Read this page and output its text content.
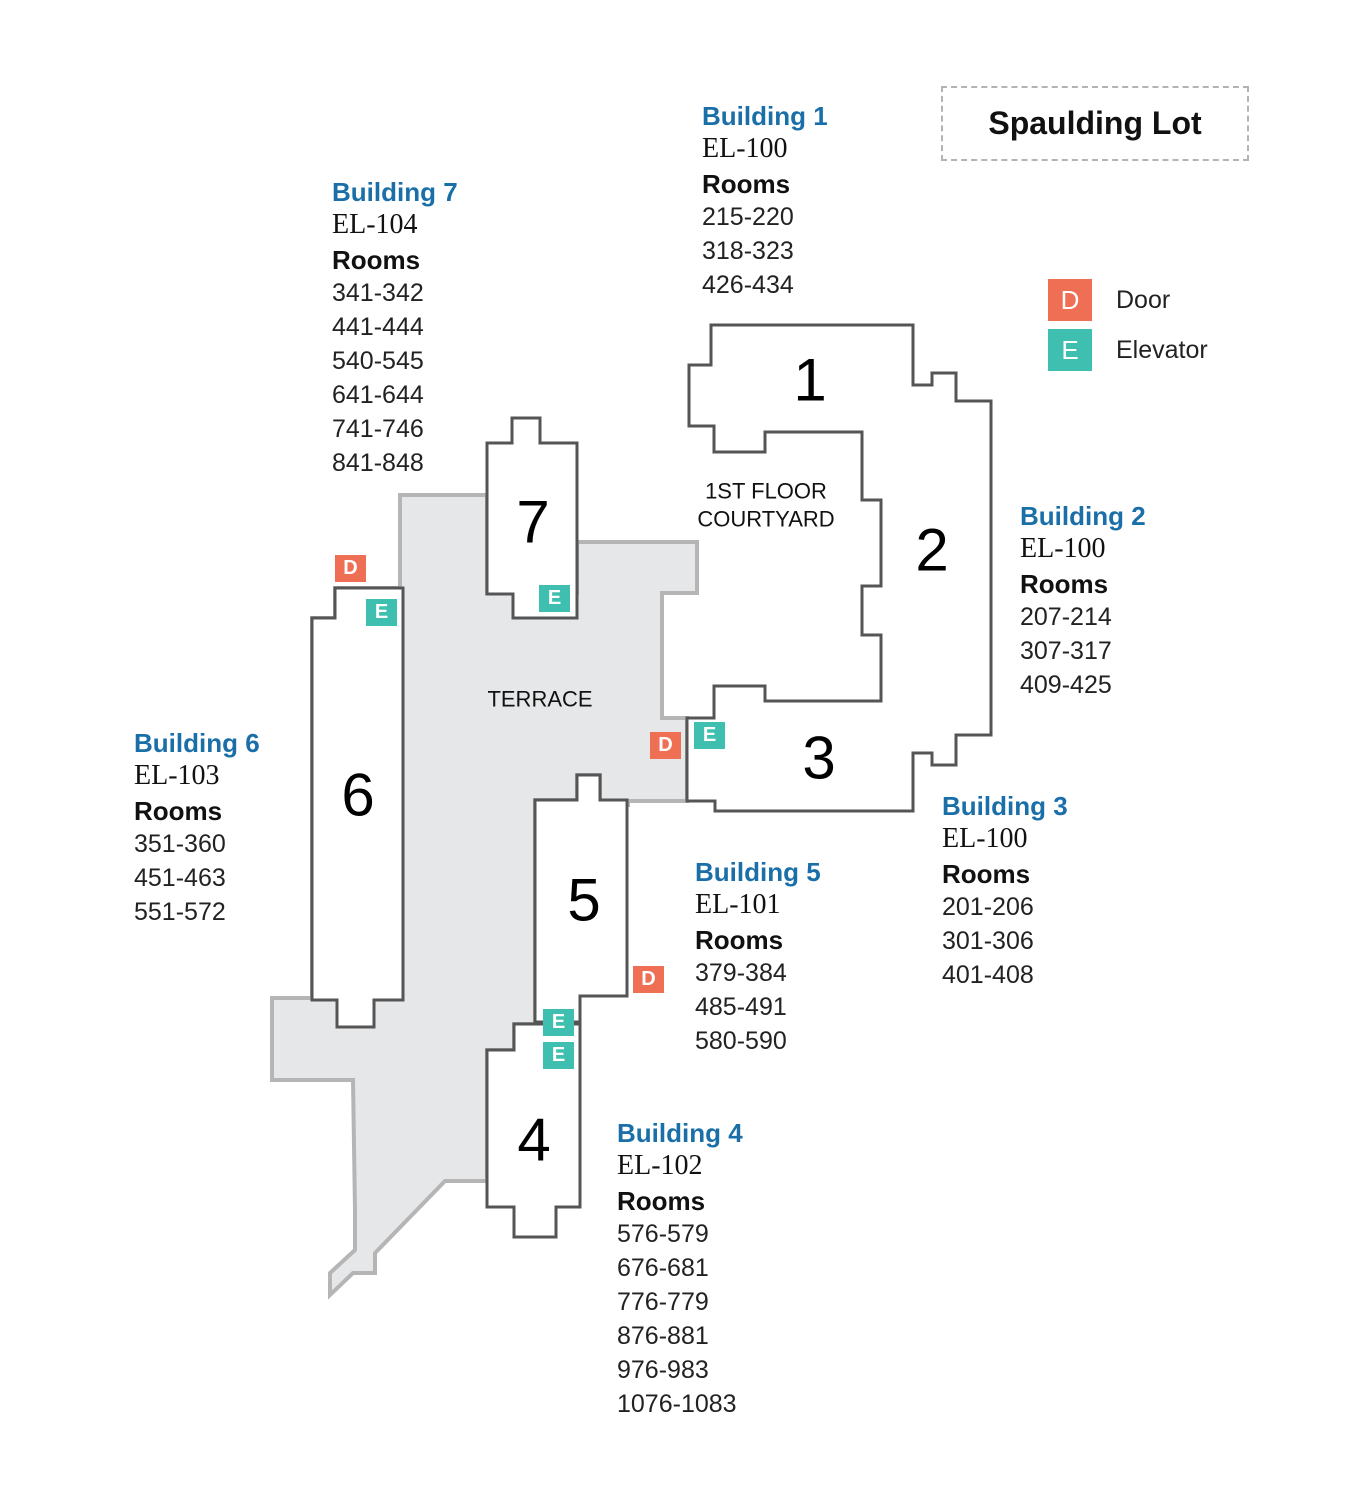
Spaulding Lot
D	Door
E	Elevator
1ST FLOOR
COURTYARD
TERRACE
1
2
3
4
5
6
7
D
E
E
D	E
D
E
E
Building 1
EL-100
Rooms
215-220
318-323
426-434
Building 2
EL-100
Rooms
207-214
307-317
409-425
Building 3
EL-100
Rooms
201-206
301-306
401-408
Building 4
EL-102
Rooms
576-579
676-681
776-779
876-881
976-983
1076-1083
Building 5
EL-101
Rooms
379-384
485-491
580-590
Building 6
EL-103
Rooms
351-360
451-463
551-572
Building 7
EL-104
Rooms
341-342
441-444
540-545
641-644
741-746
841-848
